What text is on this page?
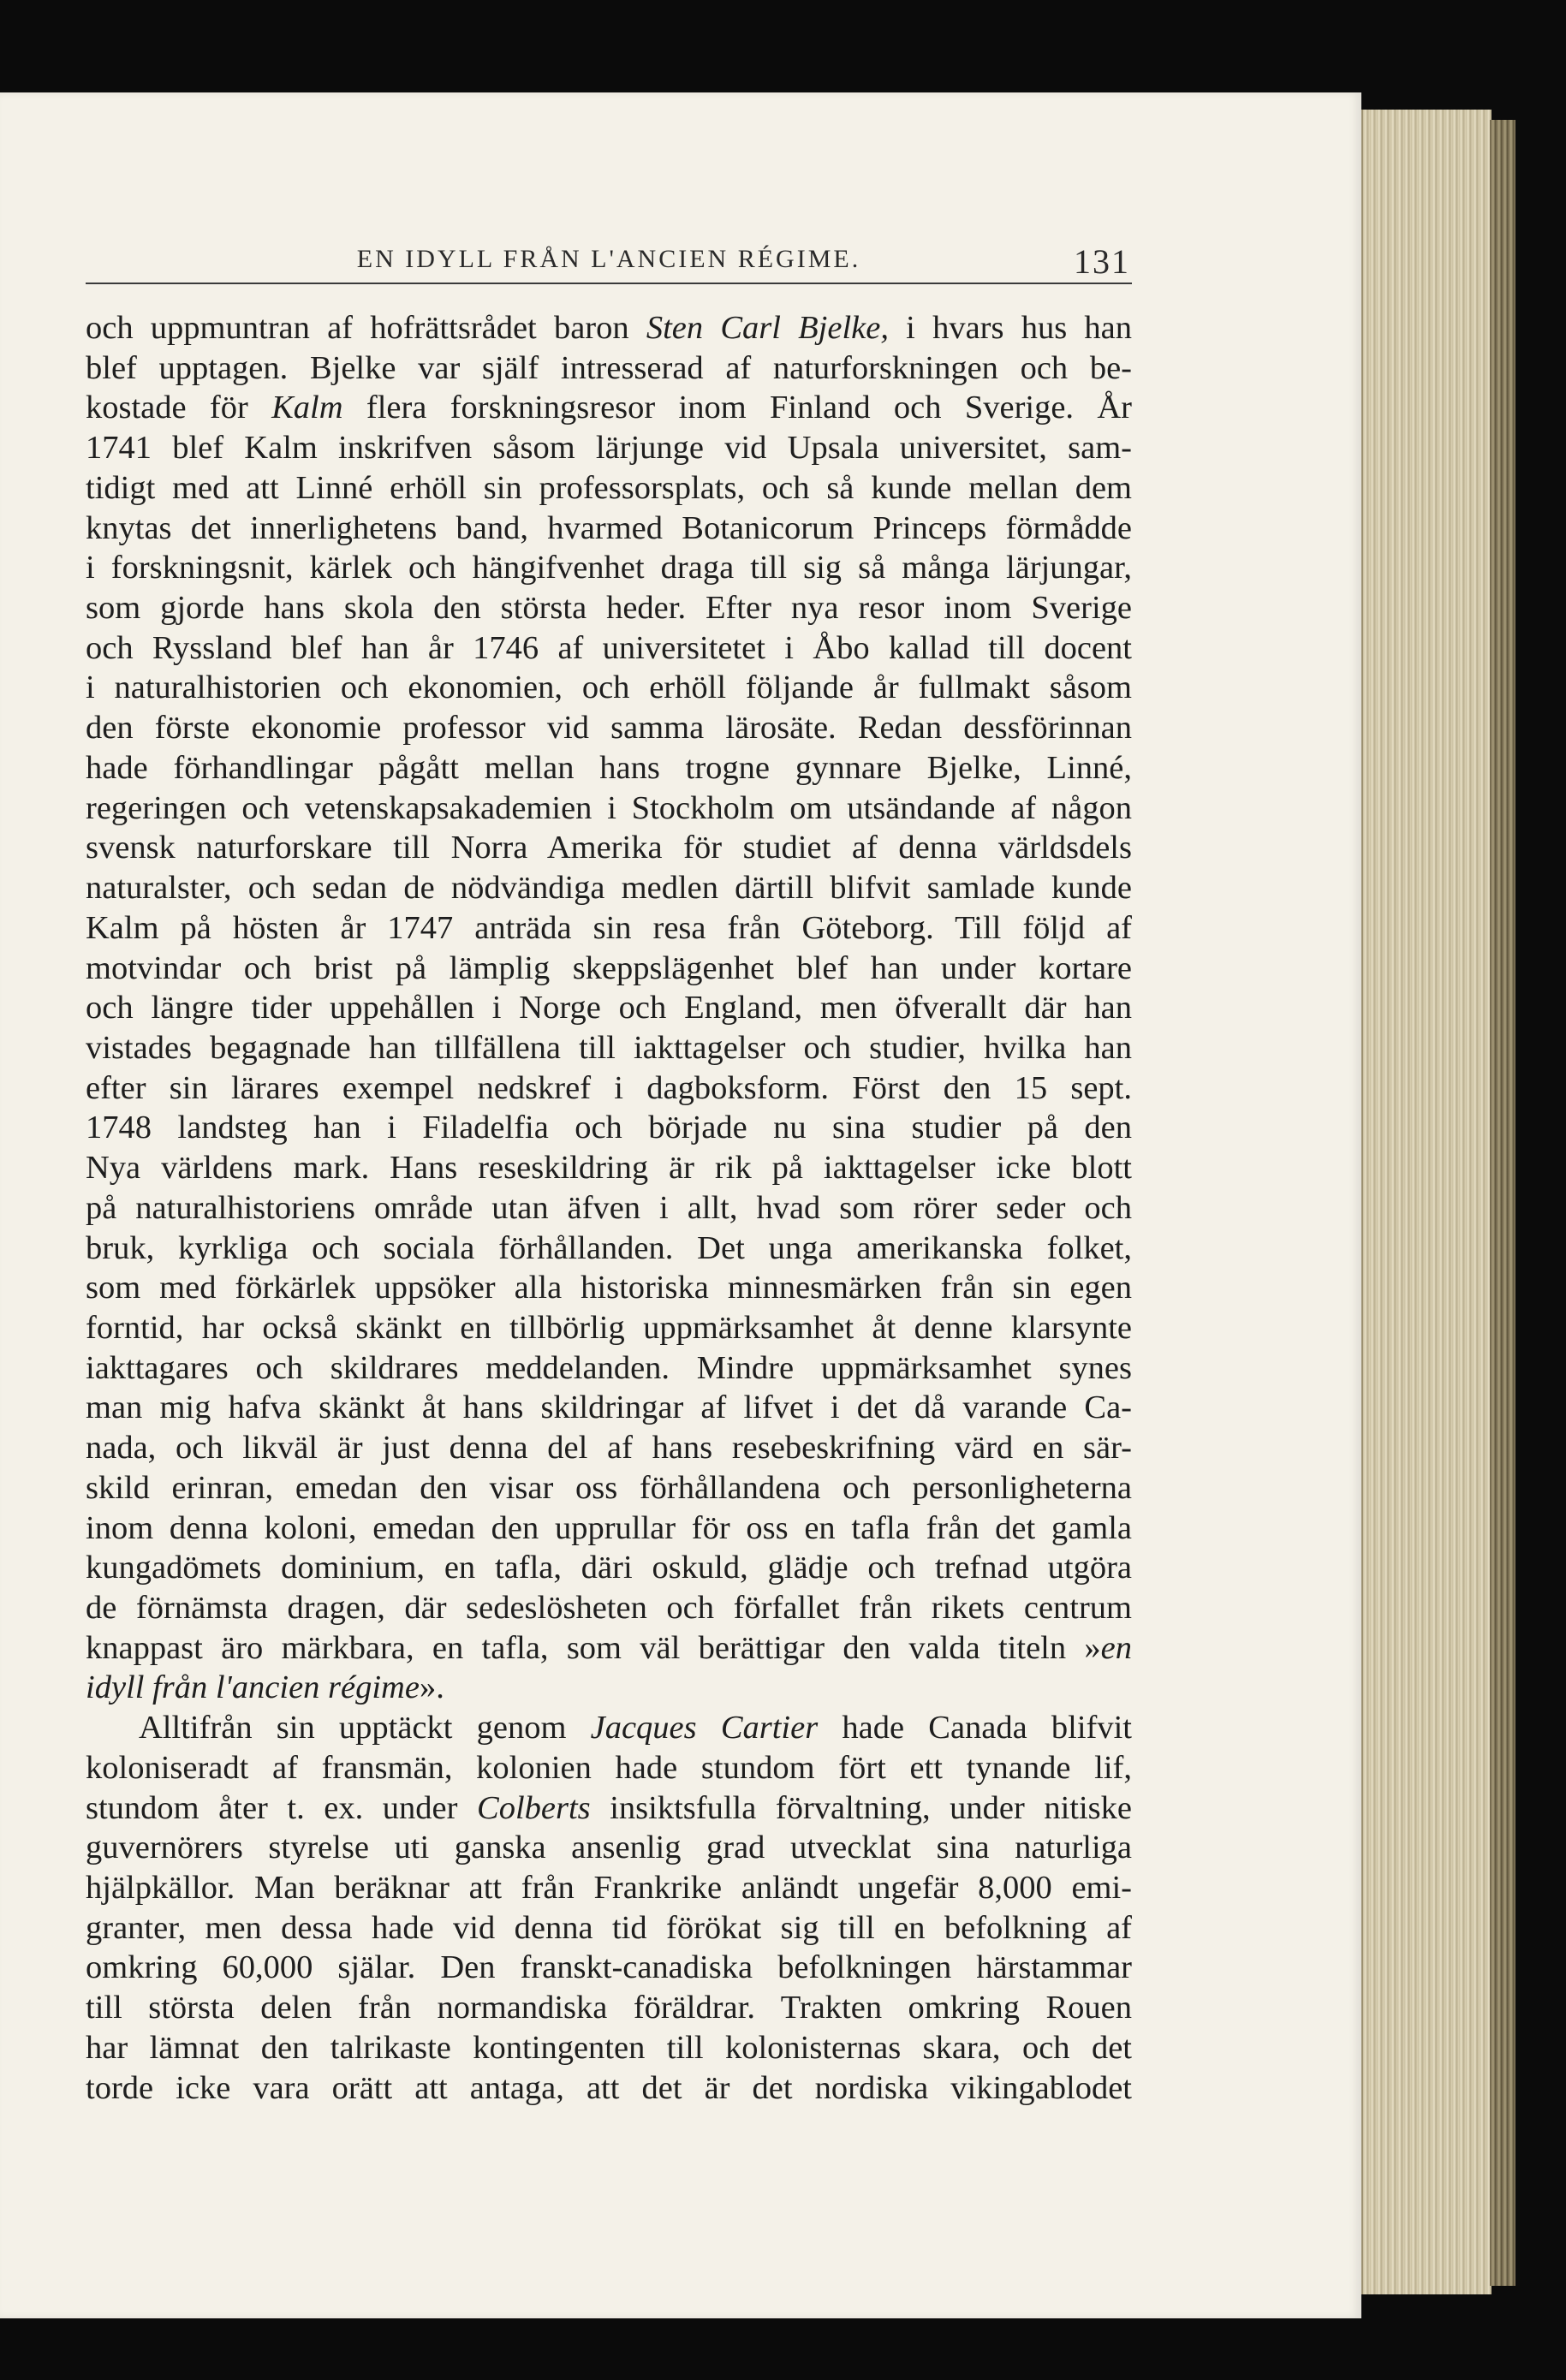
EN IDYLL FRÅN L'ANCIEN RÉGIME.	131
och uppmuntran af hofrättsrådet baron Sten Carl Bjelke, i hvars hus han
blef upptagen. Bjelke var själf intresserad af naturforskningen och be-
kostade för Kalm flera forskningsresor inom Finland och Sverige. År
1741 blef Kalm inskrifven såsom lärjunge vid Upsala universitet, sam-
tidigt med att Linné erhöll sin professorsplats, och så kunde mellan dem
knytas det innerlighetens band, hvarmed Botanicorum Princeps förmådde
i forskningsnit, kärlek och hängifvenhet draga till sig så många lärjungar,
som gjorde hans skola den största heder. Efter nya resor inom Sverige
och Ryssland blef han år 1746 af universitetet i Åbo kallad till docent
i naturalhistorien och ekonomien, och erhöll följande år fullmakt såsom
den förste ekonomie professor vid samma lärosäte. Redan dessförinnan
hade förhandlingar pågått mellan hans trogne gynnare Bjelke, Linné,
regeringen och vetenskapsakademien i Stockholm om utsändande af någon
svensk naturforskare till Norra Amerika för studiet af denna världsdels
naturalster, och sedan de nödvändiga medlen därtill blifvit samlade kunde
Kalm på hösten år 1747 anträda sin resa från Göteborg. Till följd af
motvindar och brist på lämplig skeppslägenhet blef han under kortare
och längre tider uppehållen i Norge och England, men öfverallt där han
vistades begagnade han tillfällena till iakttagelser och studier, hvilka han
efter sin lärares exempel nedskref i dagboksform. Först den 15 sept.
1748 landsteg han i Filadelfia och började nu sina studier på den
Nya världens mark. Hans reseskildring är rik på iakttagelser icke blott
på naturalhistoriens område utan äfven i allt, hvad som rörer seder och
bruk, kyrkliga och sociala förhållanden. Det unga amerikanska folket,
som med förkärlek uppsöker alla historiska minnesmärken från sin egen
forntid, har också skänkt en tillbörlig uppmärksamhet åt denne klarsynte
iakttagares och skildrares meddelanden. Mindre uppmärksamhet synes
man mig hafva skänkt åt hans skildringar af lifvet i det då varande Ca-
nada, och likväl är just denna del af hans resebeskrifning värd en sär-
skild erinran, emedan den visar oss förhållandena och personligheterna
inom denna koloni, emedan den upprullar för oss en tafla från det gamla
kungadömets dominium, en tafla, däri oskuld, glädje och trefnad utgöra
de förnämsta dragen, där sedeslösheten och förfallet från rikets centrum
knappast äro märkbara, en tafla, som väl berättigar den valda titeln »en
idyll från l'ancien régime».
Alltifrån sin upptäckt genom Jacques Cartier hade Canada blifvit
koloniseradt af fransmän, kolonien hade stundom fört ett tynande lif,
stundom åter t. ex. under Colberts insiktsfulla förvaltning, under nitiske
guvernörers styrelse uti ganska ansenlig grad utvecklat sina naturliga
hjälpkällor. Man beräknar att från Frankrike anländt ungefär 8,000 emi-
granter, men dessa hade vid denna tid förökat sig till en befolkning af
omkring 60,000 själar. Den franskt-canadiska befolkningen härstammar
till största delen från normandiska föräldrar. Trakten omkring Rouen
har lämnat den talrikaste kontingenten till kolonisternas skara, och det
torde icke vara orätt att antaga, att det är det nordiska vikingablodet
